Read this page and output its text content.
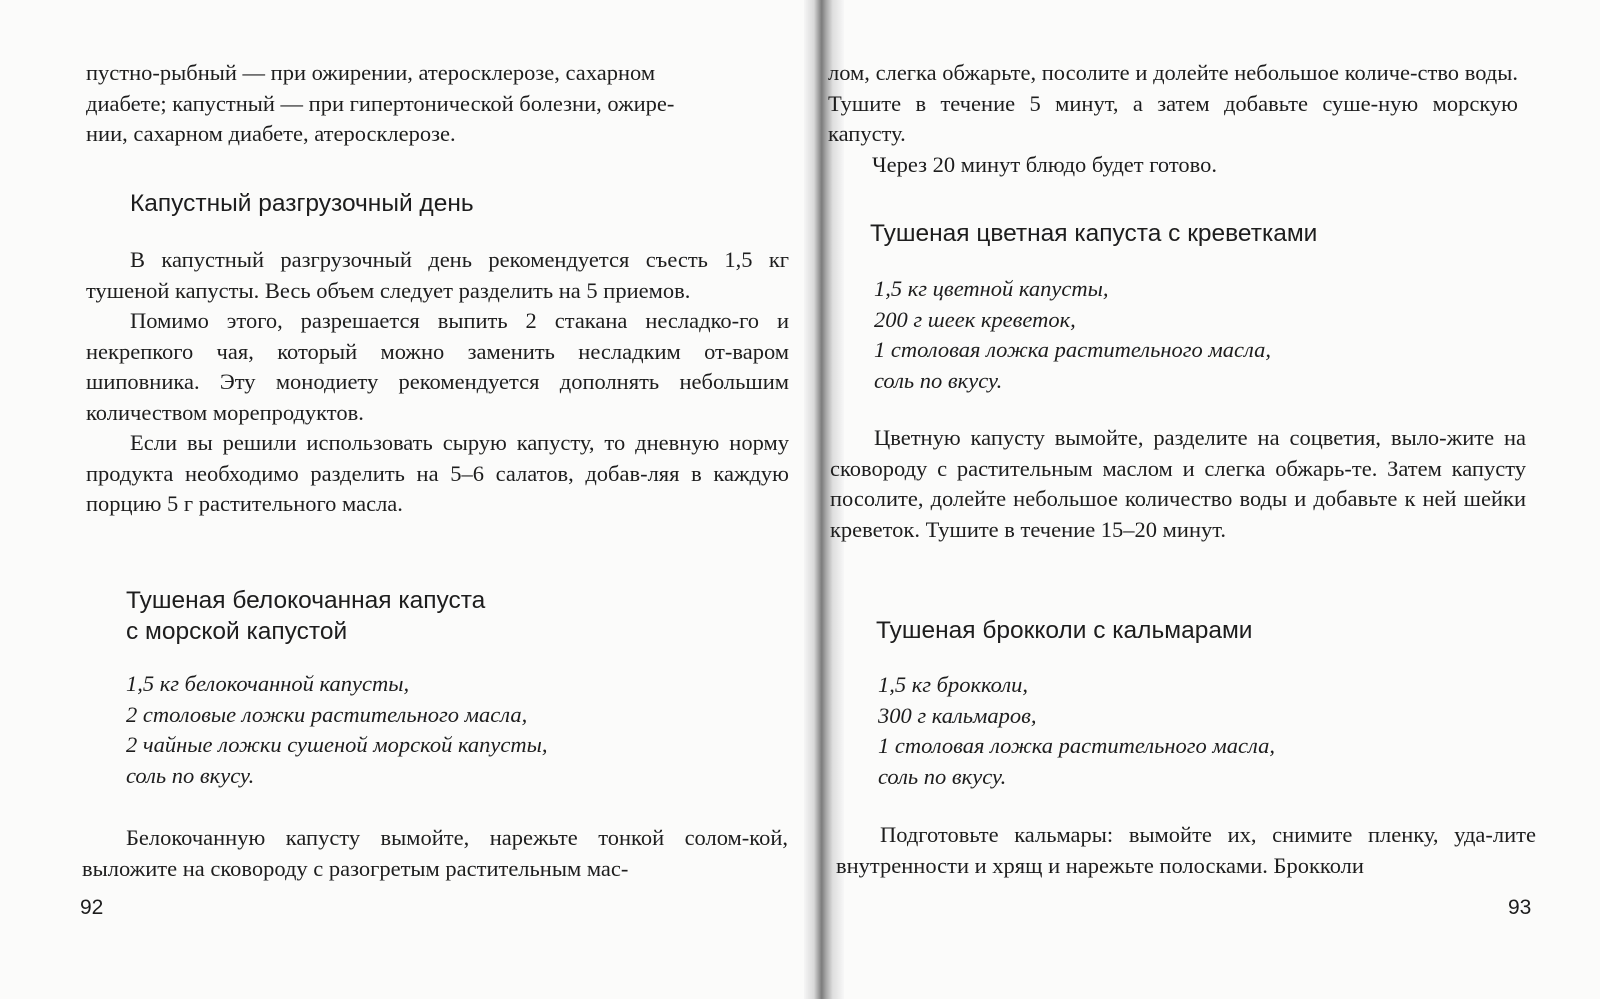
пустно-рыбный — при ожирении, атеросклерозе, сахарном
диабете; капустный — при гипертонической болезни, ожире-
нии, сахарном диабете, атеросклерозе.
Капустный разгрузочный день

В капустный разгрузочный день рекомендуется съесть 1,5 кг тушеной капусты. Весь объем следует разделить на 5 приемов.

Помимо этого, разрешается выпить 2 стакана несладко-го и некрепкого чая, который можно заменить несладким от-варом шиповника. Эту монодиету рекомендуется дополнять небольшим количеством морепродуктов.

Если вы решили использовать сырую капусту, то дневную норму продукта необходимо разделить на 5–6 салатов, добав-ляя в каждую порцию 5 г растительного масла.

Тушеная белокочанная капуста
с морской капустой
1,5 кг белокочанной капусты,
2 столовые ложки растительного масла,
2 чайные ложки сушеной морской капусты,
соль по вкусу.

Белокочанную капусту вымойте, нарежьте тонкой солом-кой, выложите на сковороду с разогретым растительным мас-

92

лом, слегка обжарьте, посолите и долейте небольшое количе-ство воды. Тушите в течение 5 минут, а затем добавьте суше-ную морскую капусту.

Через 20 минут блюдо будет готово.

Тушеная цветная капуста с креветками
1,5 кг цветной капусты,
200 г шеек креветок,
1 столовая ложка растительного масла,
соль по вкусу.

Цветную капусту вымойте, разделите на соцветия, выло-жите на сковороду с растительным маслом и слегка обжарь-те. Затем капусту посолите, долейте небольшое количество воды и добавьте к ней шейки креветок. Тушите в течение 15–20 минут.

Тушеная брокколи с кальмарами
1,5 кг брокколи,
300 г кальмаров,
1 столовая ложка растительного масла,
соль по вкусу.

Подготовьте кальмары: вымойте их, снимите пленку, уда-лите внутренности и хрящ и нарежьте полосками. Брокколи

93
